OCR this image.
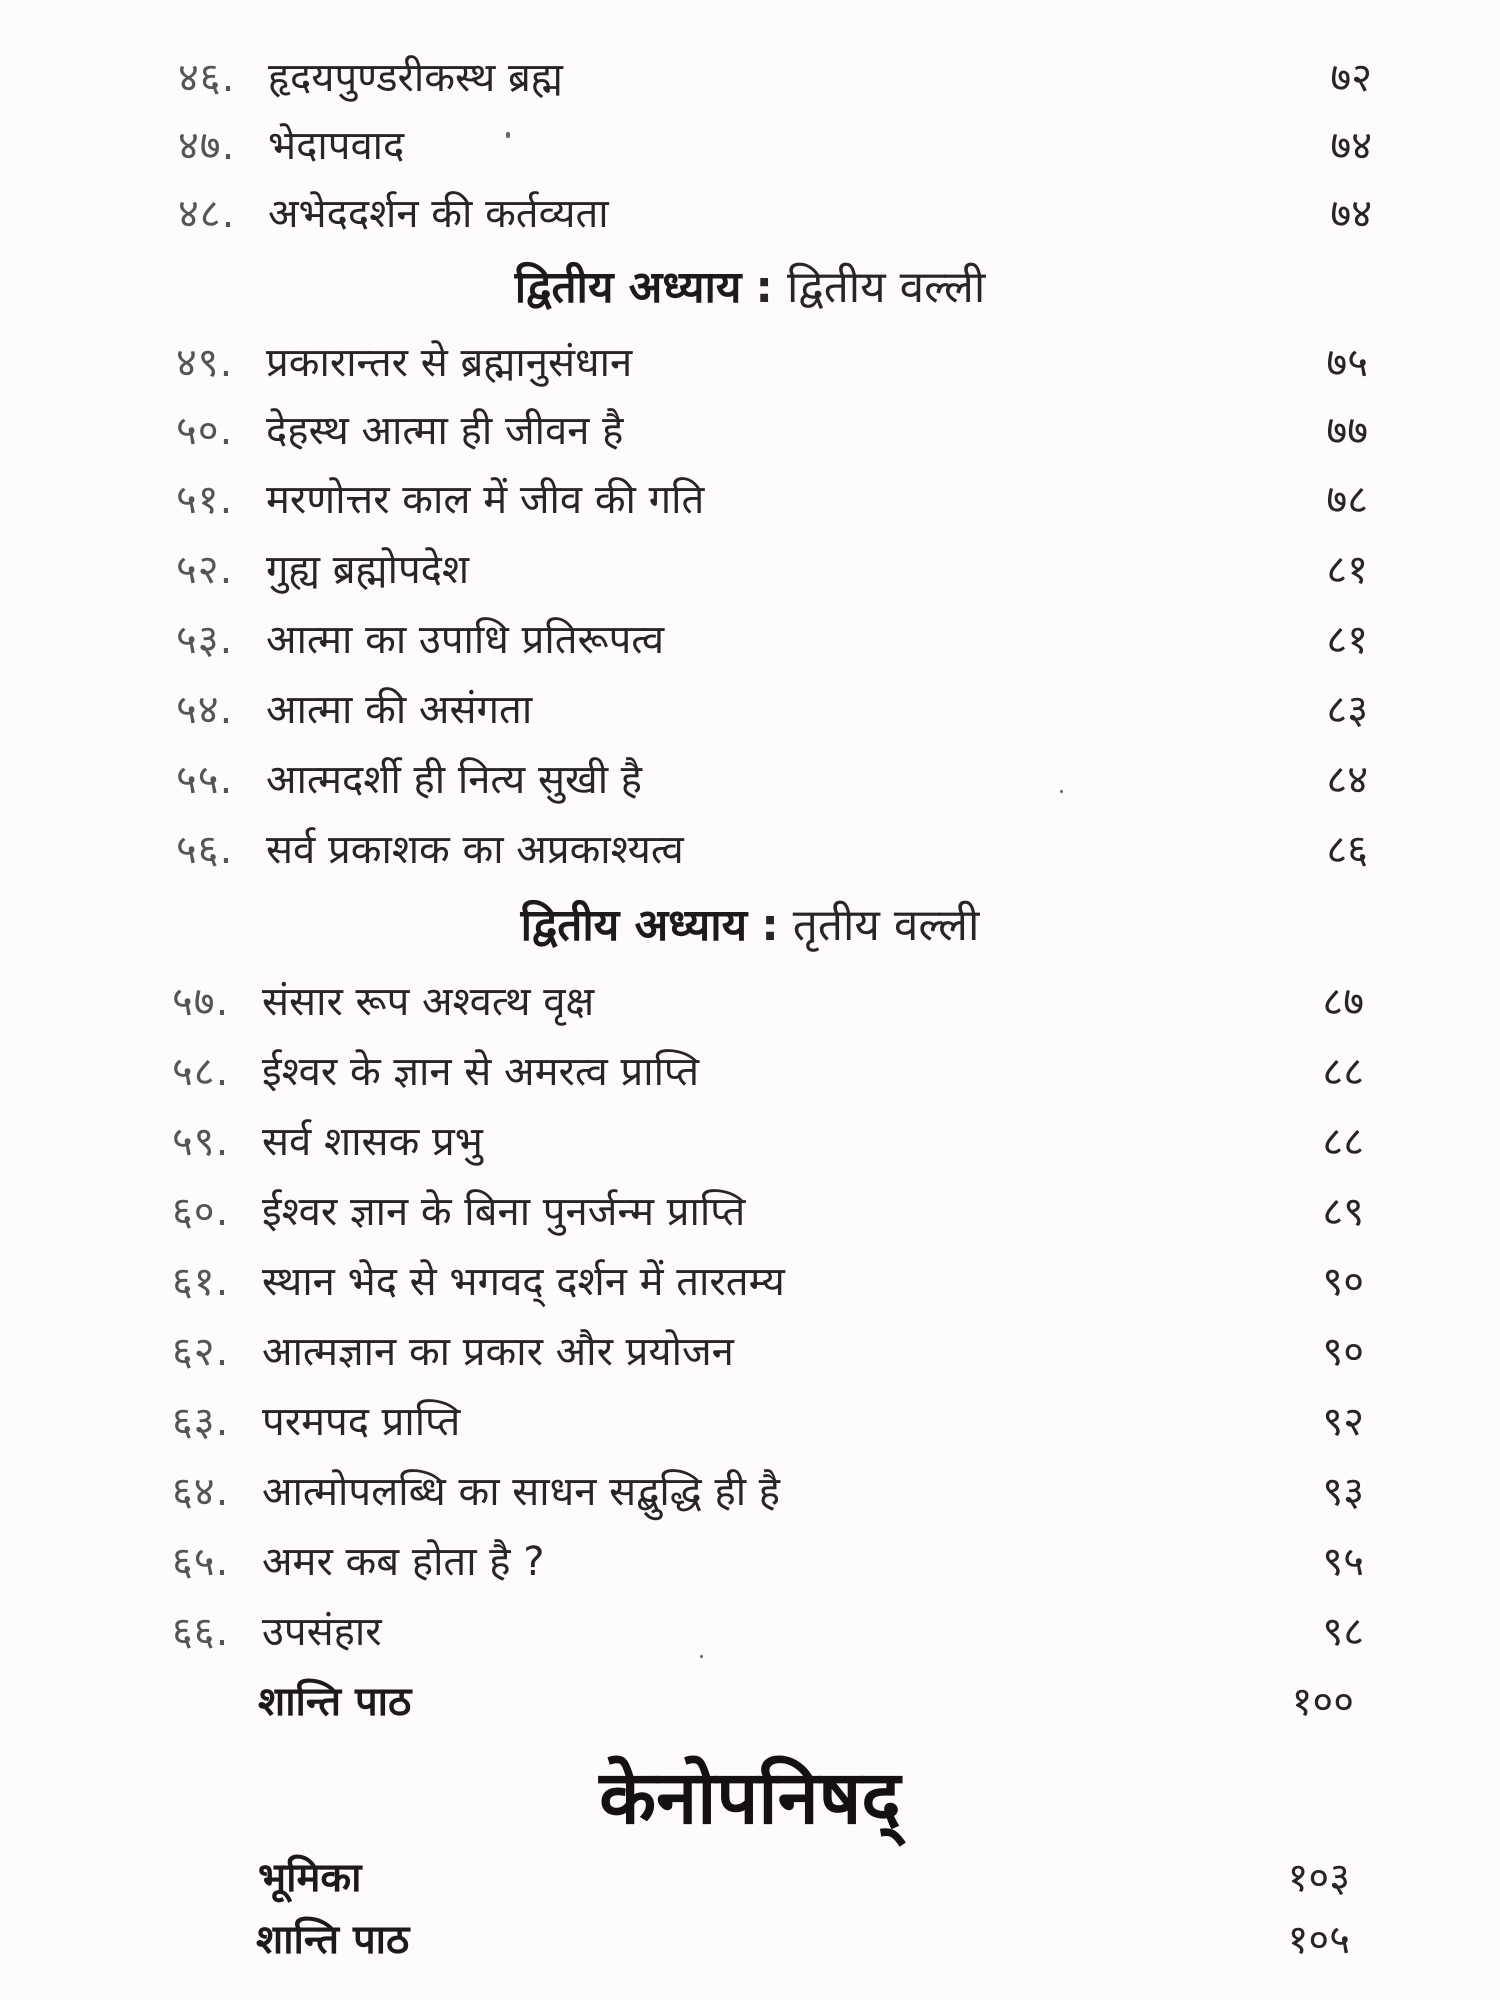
४६. हृदयपुण्डरीकस्थ ब्रह्म	७२
४७. भेदापवाद	७४
४८. अभेददर्शन की कर्तव्यता	७४
द्वितीय अध्याय : द्वितीय वल्ली
४९. प्रकारान्तर से ब्रह्मानुसंधान	७५
५०. देहस्थ आत्मा ही जीवन है	७७
५१. मरणोत्तर काल में जीव की गति	७८
५२. गुह्य ब्रह्मोपदेश	८१
५३. आत्मा का उपाधि प्रतिरूपत्व	८१
५४. आत्मा की असंगता	८३
५५. आत्मदर्शी ही नित्य सुखी है	८४
५६. सर्व प्रकाशक का अप्रकाश्यत्व	८६
द्वितीय अध्याय : तृतीय वल्ली
५७. संसार रूप अश्वत्थ वृक्ष	८७
५८. ईश्वर के ज्ञान से अमरत्व प्राप्ति	८८
५९. सर्व शासक प्रभु	८८
६०. ईश्वर ज्ञान के बिना पुनर्जन्म प्राप्ति	८९
६१. स्थान भेद से भगवद् दर्शन में तारतम्य	९०
६२. आत्मज्ञान का प्रकार और प्रयोजन	९०
६३. परमपद प्राप्ति	९२
६४. आत्मोपलब्धि का साधन सद्बुद्धि ही है	९३
६५. अमर कब होता है ?	९५
६६. उपसंहार	९८
शान्ति पाठ	१००
केनोपनिषद्
भूमिका	१०३
शान्ति पाठ	१०५
